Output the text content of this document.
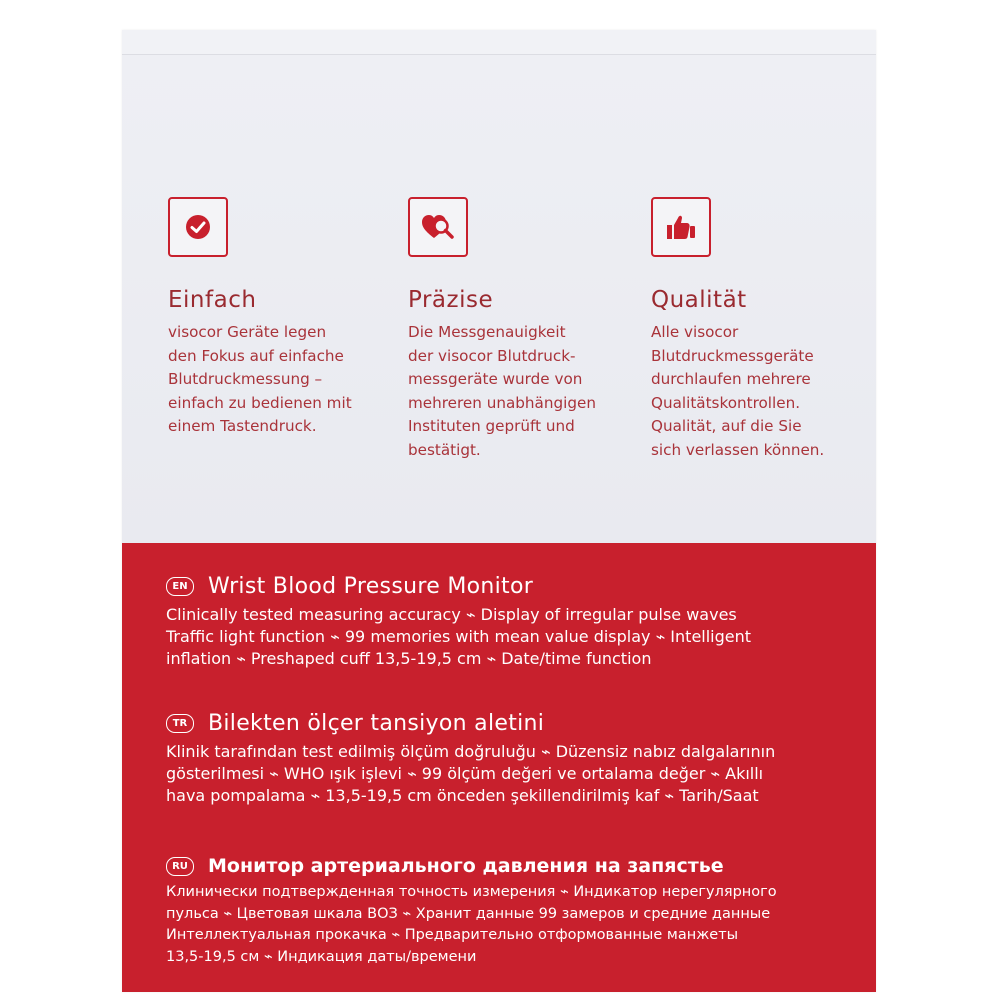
Einfach
visocor Geräte legen
den Fokus auf einfache
Blutdruckmessung –
einfach zu bedienen mit
einem Tastendruck.
Präzise
Die Messgenauigkeit
der visocor Blutdruck-
messgeräte wurde von
mehreren unabhängigen
Instituten geprüft und
bestätigt.
Qualität
Alle visocor
Blutdruckmessgeräte
durchlaufen mehrere
Qualitätskontrollen.
Qualität, auf die Sie
sich verlassen können.
EN Wrist Blood Pressure Monitor
Clinically tested measuring accuracy ⌁ Display of irregular pulse waves
Traffic light function ⌁ 99 memories with mean value display ⌁ Intelligent
inflation ⌁ Preshaped cuff 13,5-19,5 cm ⌁ Date/time function
TR Bilekten ölçer tansiyon aletini
Klinik tarafından test edilmiş ölçüm doğruluğu ⌁ Düzensiz nabız dalgalarının
gösterilmesi ⌁ WHO ışık işlevi ⌁ 99 ölçüm değeri ve ortalama değer ⌁ Akıllı
hava pompalama ⌁ 13,5-19,5 cm önceden şekillendirilmiş kaf ⌁ Tarih/Saat
RU	Монитор артериального давления на запястье
Клинически подтвержденная точность измерения ⌁ Индикатор нерегулярного
пульса ⌁ Цветовая шкала ВОЗ ⌁ Хранит данные 99 замеров и средние данные
Интеллектуальная прокачка ⌁ Предварительно отформованные манжеты
13,5-19,5 см ⌁ Индикация даты/времени
